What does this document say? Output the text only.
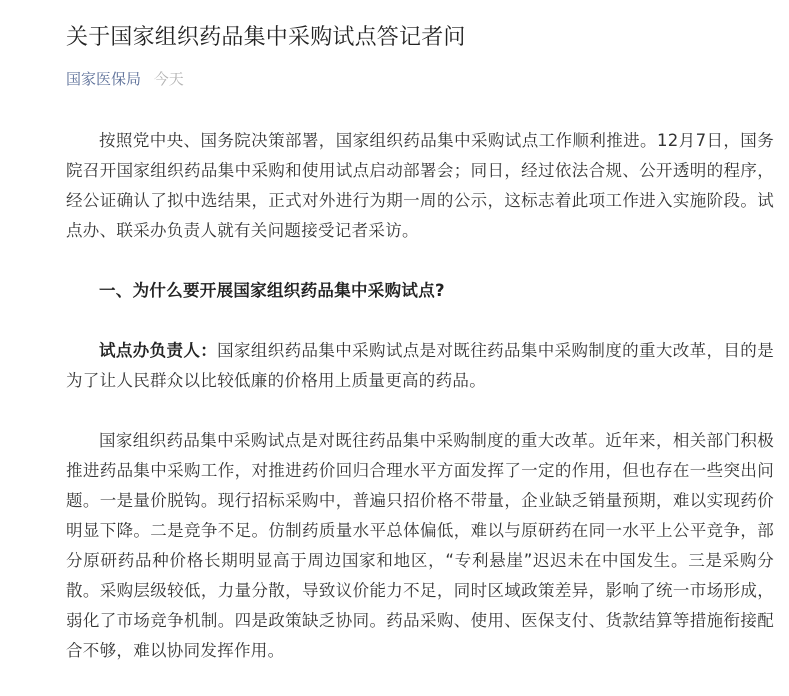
关于国家组织药品集中采购试点答记者问
国家医保局 今天

按照党中央、国务院决策部署，国家组织药品集中采购试点工作顺利推进。12月7日，国务院召开国家组织药品集中采购和使用试点启动部署会；同日，经过依法合规、公开透明的程序，经公证确认了拟中选结果，正式对外进行为期一周的公示，这标志着此项工作进入实施阶段。试点办、联采办负责人就有关问题接受记者采访。

一、为什么要开展国家组织药品集中采购试点?

试点办负责人：国家组织药品集中采购试点是对既往药品集中采购制度的重大改革，目的是为了让人民群众以比较低廉的价格用上质量更高的药品。

国家组织药品集中采购试点是对既往药品集中采购制度的重大改革。近年来，相关部门积极推进药品集中采购工作，对推进药价回归合理水平方面发挥了一定的作用，但也存在一些突出问题。一是量价脱钩。现行招标采购中，普遍只招价格不带量，企业缺乏销量预期，难以实现药价明显下降。二是竞争不足。仿制药质量水平总体偏低，难以与原研药在同一水平上公平竞争，部分原研药品种价格长期明显高于周边国家和地区，“专利悬崖”迟迟未在中国发生。三是采购分散。采购层级较低，力量分散，导致议价能力不足，同时区域政策差异，影响了统一市场形成，弱化了市场竞争机制。四是政策缺乏协同。药品采购、使用、医保支付、货款结算等措施衔接配合不够，难以协同发挥作用。
